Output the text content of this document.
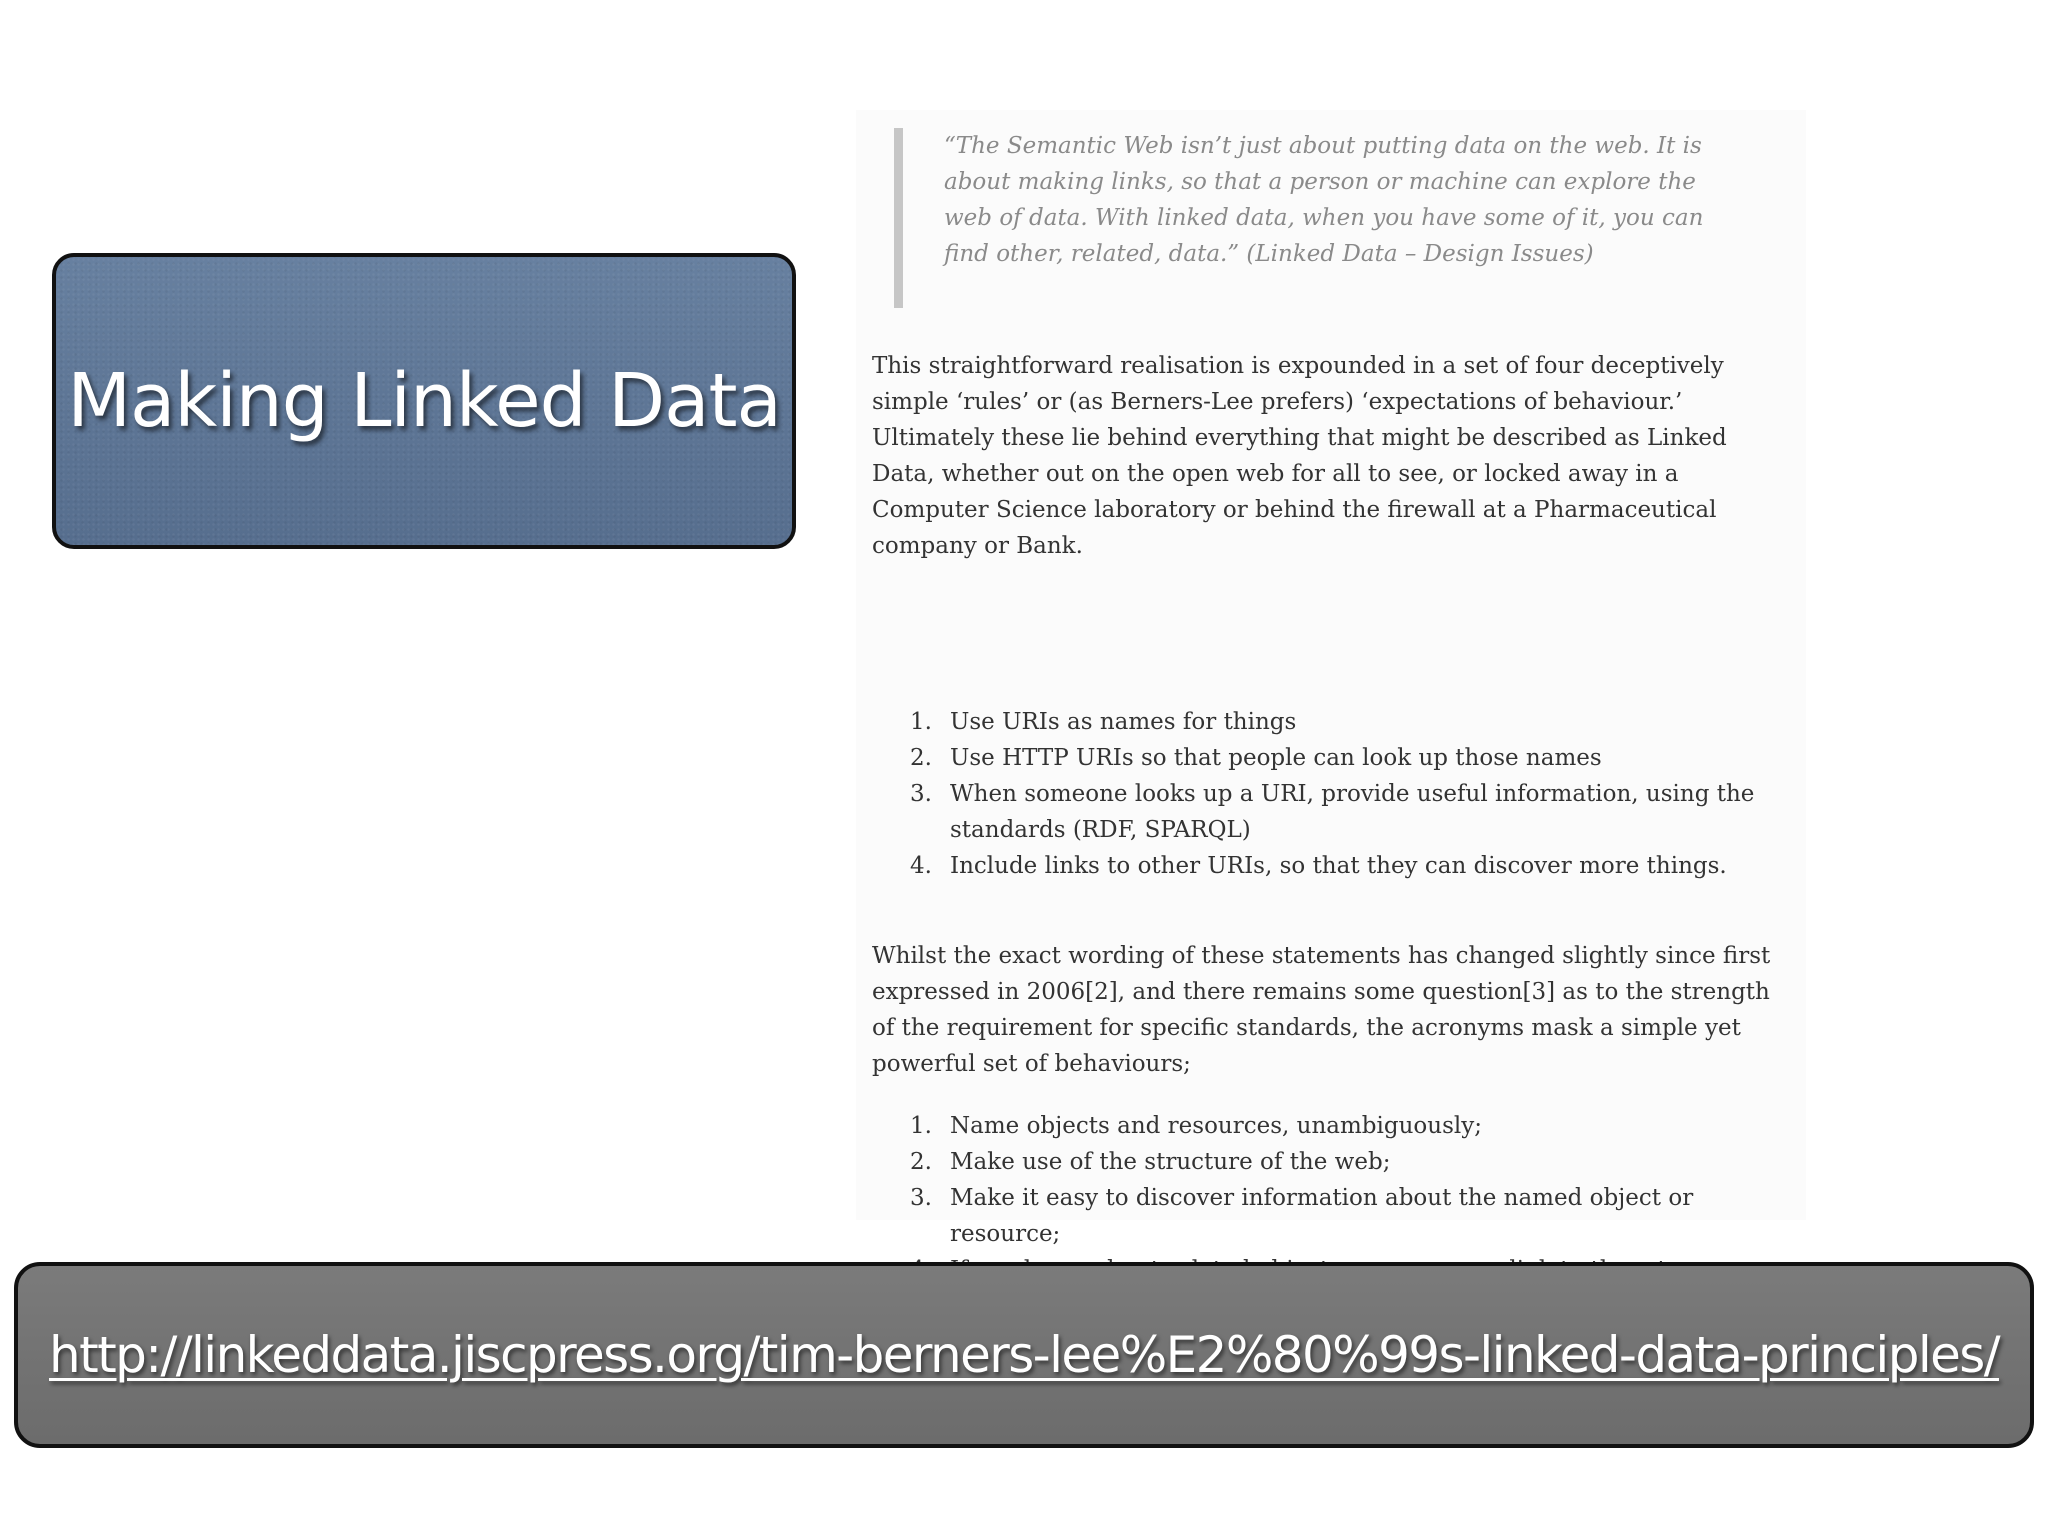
Making Linked Data
“The Semantic Web isn’t just about putting data on the web. It is about making links, so that a person or machine can explore the web of data. With linked data, when you have some of it, you can find other, related, data.” (Linked Data – Design Issues)
This straightforward realisation is expounded in a set of four deceptively simple ‘rules’ or (as Berners-Lee prefers) ‘expectations of behaviour.’ Ultimately these lie behind everything that might be described as Linked Data, whether out on the open web for all to see, or locked away in a Computer Science laboratory or behind the firewall at a Pharmaceutical company or Bank.
1. Use URIs as names for things
2. Use HTTP URIs so that people can look up those names
3. When someone looks up a URI, provide useful information, using the standards (RDF, SPARQL)
4. Include links to other URIs, so that they can discover more things.
Whilst the exact wording of these statements has changed slightly since first expressed in 2006[2], and there remains some question[3] as to the strength of the requirement for specific standards, the acronyms mask a simple yet powerful set of behaviours;
1. Name objects and resources, unambiguously;
2. Make use of the structure of the web;
3. Make it easy to discover information about the named object or resource;
http://linkeddata.jiscpress.org/tim-berners-lee%E2%80%99s-linked-data-principles/
